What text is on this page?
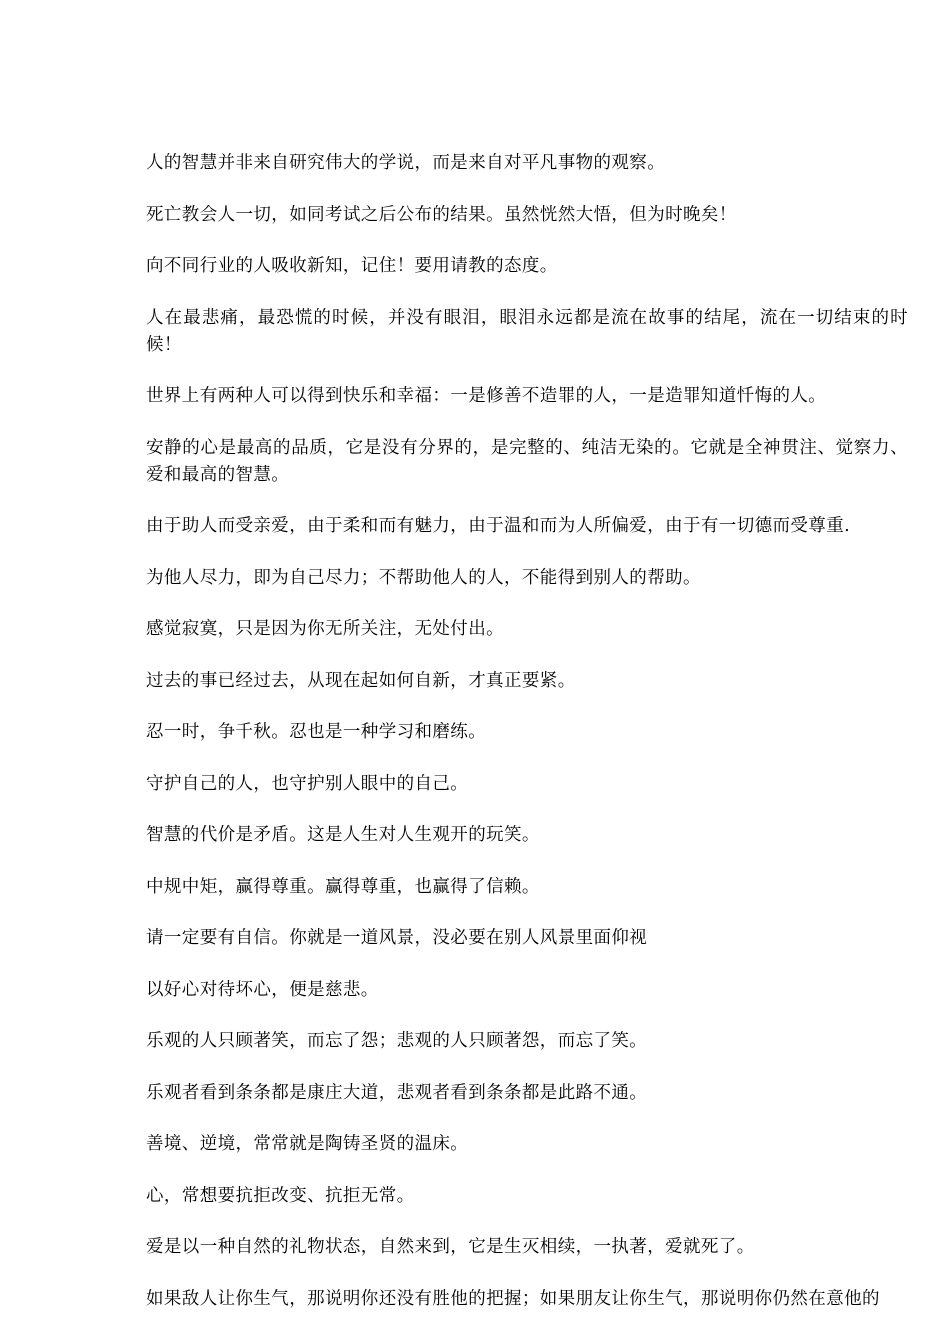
人的智慧并非来自研究伟大的学说，而是来自对平凡事物的观察。

死亡教会人一切，如同考试之后公布的结果。虽然恍然大悟，但为时晚矣！

向不同行业的人吸收新知，记住！要用请教的态度。

人在最悲痛，最恐慌的时候，并没有眼泪，眼泪永远都是流在故事的结尾，流在一切结束的时候！

世界上有两种人可以得到快乐和幸福：一是修善不造罪的人，一是造罪知道忏悔的人。

安静的心是最高的品质，它是没有分界的，是完整的、纯洁无染的。它就是全神贯注、觉察力、爱和最高的智慧。

由于助人而受亲爱，由于柔和而有魅力，由于温和而为人所偏爱，由于有一切德而受尊重.

为他人尽力，即为自己尽力；不帮助他人的人，不能得到别人的帮助。

感觉寂寞，只是因为你无所关注，无处付出。

过去的事已经过去，从现在起如何自新，才真正要紧。

忍一时，争千秋。忍也是一种学习和磨练。

守护自己的人，也守护别人眼中的自己。

智慧的代价是矛盾。这是人生对人生观开的玩笑。

中规中矩，赢得尊重。赢得尊重，也赢得了信赖。

请一定要有自信。你就是一道风景，没必要在别人风景里面仰视

以好心对待坏心，便是慈悲。

乐观的人只顾著笑，而忘了怨；悲观的人只顾著怨，而忘了笑。

乐观者看到条条都是康庄大道，悲观者看到条条都是此路不通。

善境、逆境，常常就是陶铸圣贤的温床。

心，常想要抗拒改变、抗拒无常。

爱是以一种自然的礼物状态，自然来到，它是生灭相续，一执著，爱就死了。

如果敌人让你生气，那说明你还没有胜他的把握；如果朋友让你生气，那说明你仍然在意他的
